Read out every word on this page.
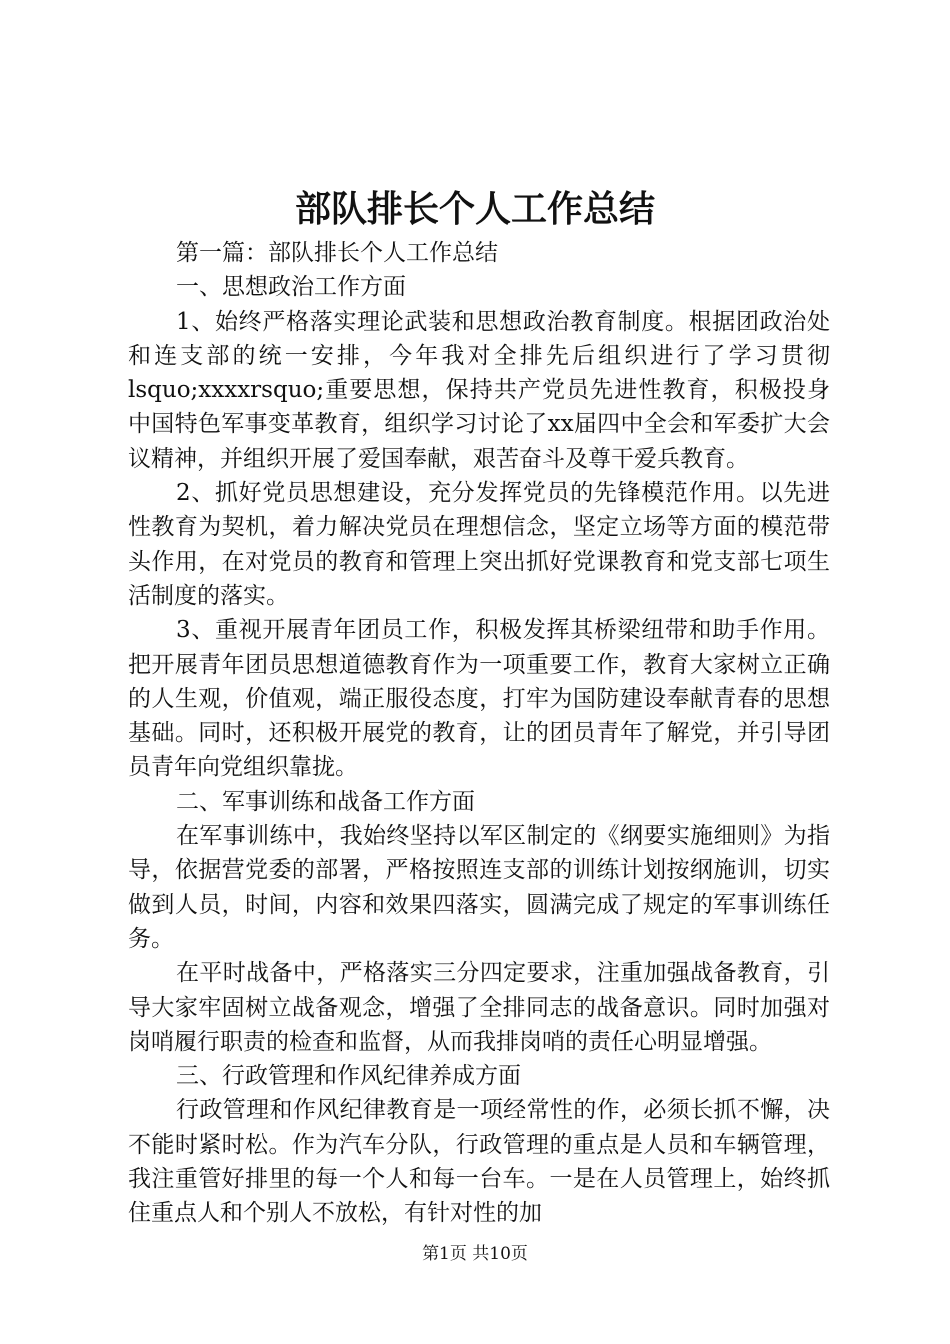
部队排长个人工作总结

第一篇：部队排长个人工作总结

一、思想政治工作方面

1、始终严格落实理论武装和思想政治教育制度。根据团政治处和连支部的统一安排，今年我对全排先后组织进行了学习贯彻lsquo;xxxxrsquo;重要思想，保持共产党员先进性教育，积极投身中国特色军事变革教育，组织学习讨论了xx届四中全会和军委扩大会议精神，并组织开展了爱国奉献，艰苦奋斗及尊干爱兵教育。

2、抓好党员思想建设，充分发挥党员的先锋模范作用。以先进性教育为契机，着力解决党员在理想信念，坚定立场等方面的模范带头作用，在对党员的教育和管理上突出抓好党课教育和党支部七项生活制度的落实。

3、重视开展青年团员工作，积极发挥其桥梁纽带和助手作用。把开展青年团员思想道德教育作为一项重要工作，教育大家树立正确的人生观，价值观，端正服役态度，打牢为国防建设奉献青春的思想基础。同时，还积极开展党的教育，让的团员青年了解党，并引导团员青年向党组织靠拢。

二、军事训练和战备工作方面

在军事训练中，我始终坚持以军区制定的《纲要实施细则》为指导，依据营党委的部署，严格按照连支部的训练计划按纲施训，切实做到人员，时间，内容和效果四落实，圆满完成了规定的军事训练任务。

在平时战备中，严格落实三分四定要求，注重加强战备教育，引导大家牢固树立战备观念，增强了全排同志的战备意识。同时加强对岗哨履行职责的检查和监督，从而我排岗哨的责任心明显增强。

三、行政管理和作风纪律养成方面

行政管理和作风纪律教育是一项经常性的作，必须长抓不懈，决不能时紧时松。作为汽车分队，行政管理的重点是人员和车辆管理，我注重管好排里的每一个人和每一台车。一是在人员管理上，始终抓住重点人和个别人不放松，有针对性的加

第1页 共10页
